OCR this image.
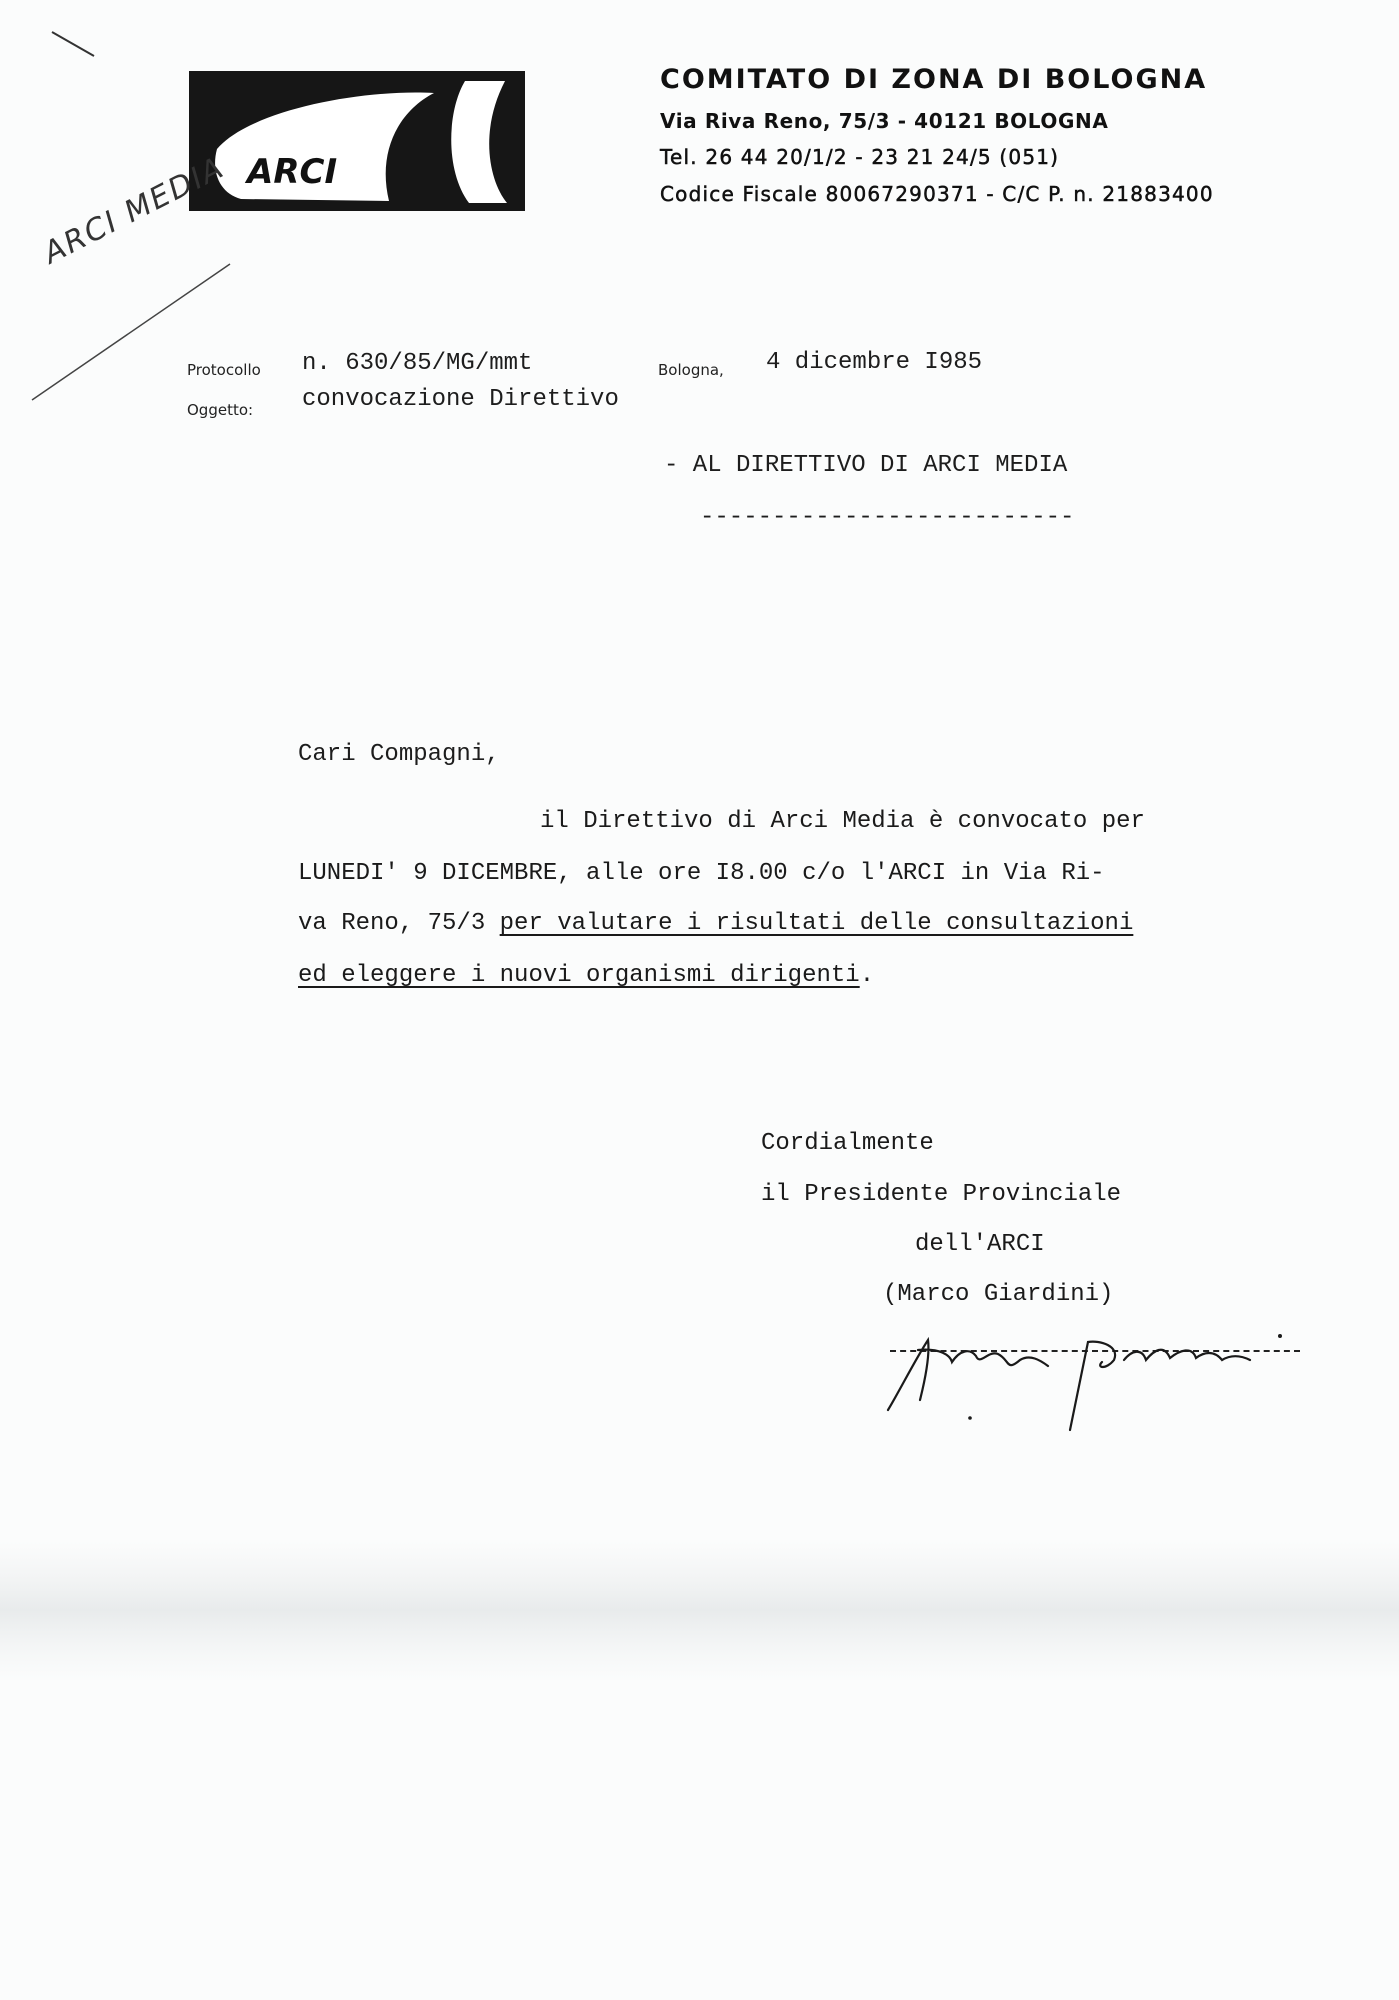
ARCI
COMITATO DI ZONA DI BOLOGNA
Via Riva Reno, 75/3 - 40121 BOLOGNA
Tel. 26 44 20/1/2 - 23 21 24/5 (051)
Codice Fiscale 80067290371 - C/C P. n. 21883400
ARCI MEDIA
Protocollo n. 630/85/MG/mmt	Bologna, 4 dicembre I985
Oggetto: convocazione Direttivo
- AL DIRETTIVO DI ARCI MEDIA
--------------------------
Cari Compagni,
il Direttivo di Arci Media è convocato per
LUNEDI' 9 DICEMBRE, alle ore I8.00 c/o l'ARCI in Via Ri-
va Reno, 75/3 per valutare i risultati delle consultazioni
ed eleggere i nuovi organismi dirigenti.
Cordialmente
il Presidente Provinciale
dell'ARCI
(Marco Giardini)
